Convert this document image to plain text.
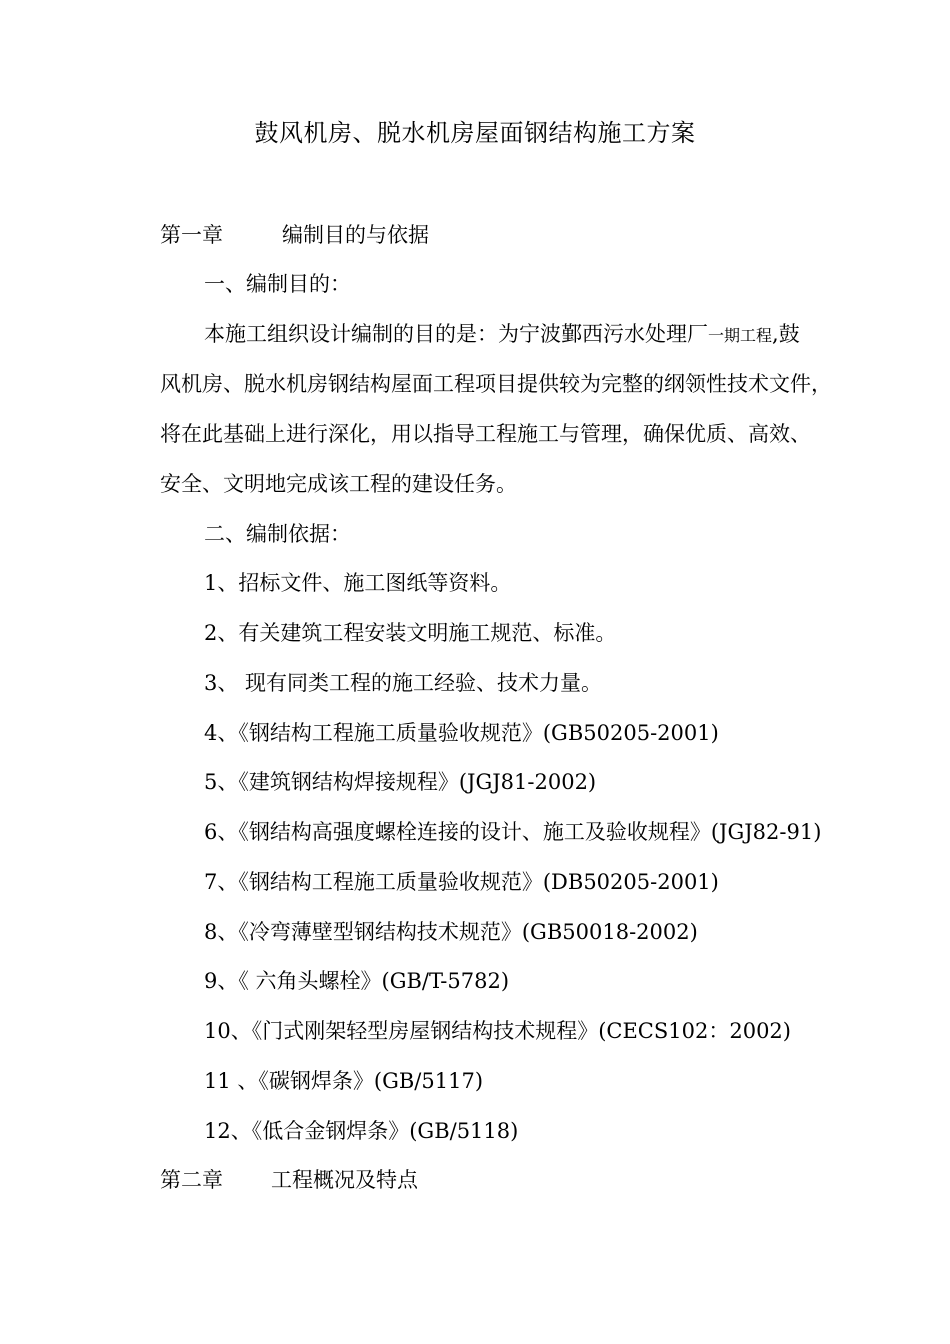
鼓风机房、脱水机房屋面钢结构施工方案
第一章	编制目的与依据
一、编制目的：
本施工组织设计编制的目的是：为宁波鄞西污水处理厂一期工程,鼓
风机房、脱水机房钢结构屋面工程项目提供较为完整的纲领性技术文件，
将在此基础上进行深化，用以指导工程施工与管理，确保优质、高效、
安全、文明地完成该工程的建设任务。
二、编制依据：
1、招标文件、施工图纸等资料。
2、有关建筑工程安装文明施工规范、标准。
3、 现有同类工程的施工经验、技术力量。
4、《钢结构工程施工质量验收规范》(GB50205-2001)
5、《建筑钢结构焊接规程》(JGJ81-2002)
6、《钢结构高强度螺栓连接的设计、施工及验收规程》(JGJ82-91)
7、《钢结构工程施工质量验收规范》(DB50205-2001)
8、《冷弯薄壁型钢结构技术规范》(GB50018-2002)
9、《 六角头螺栓》(GB/T-5782)
10、《门式刚架轻型房屋钢结构技术规程》(CECS102：2002)
11 、《碳钢焊条》(GB/5117)
12、《低合金钢焊条》(GB/5118)
第二章 工程概况及特点
